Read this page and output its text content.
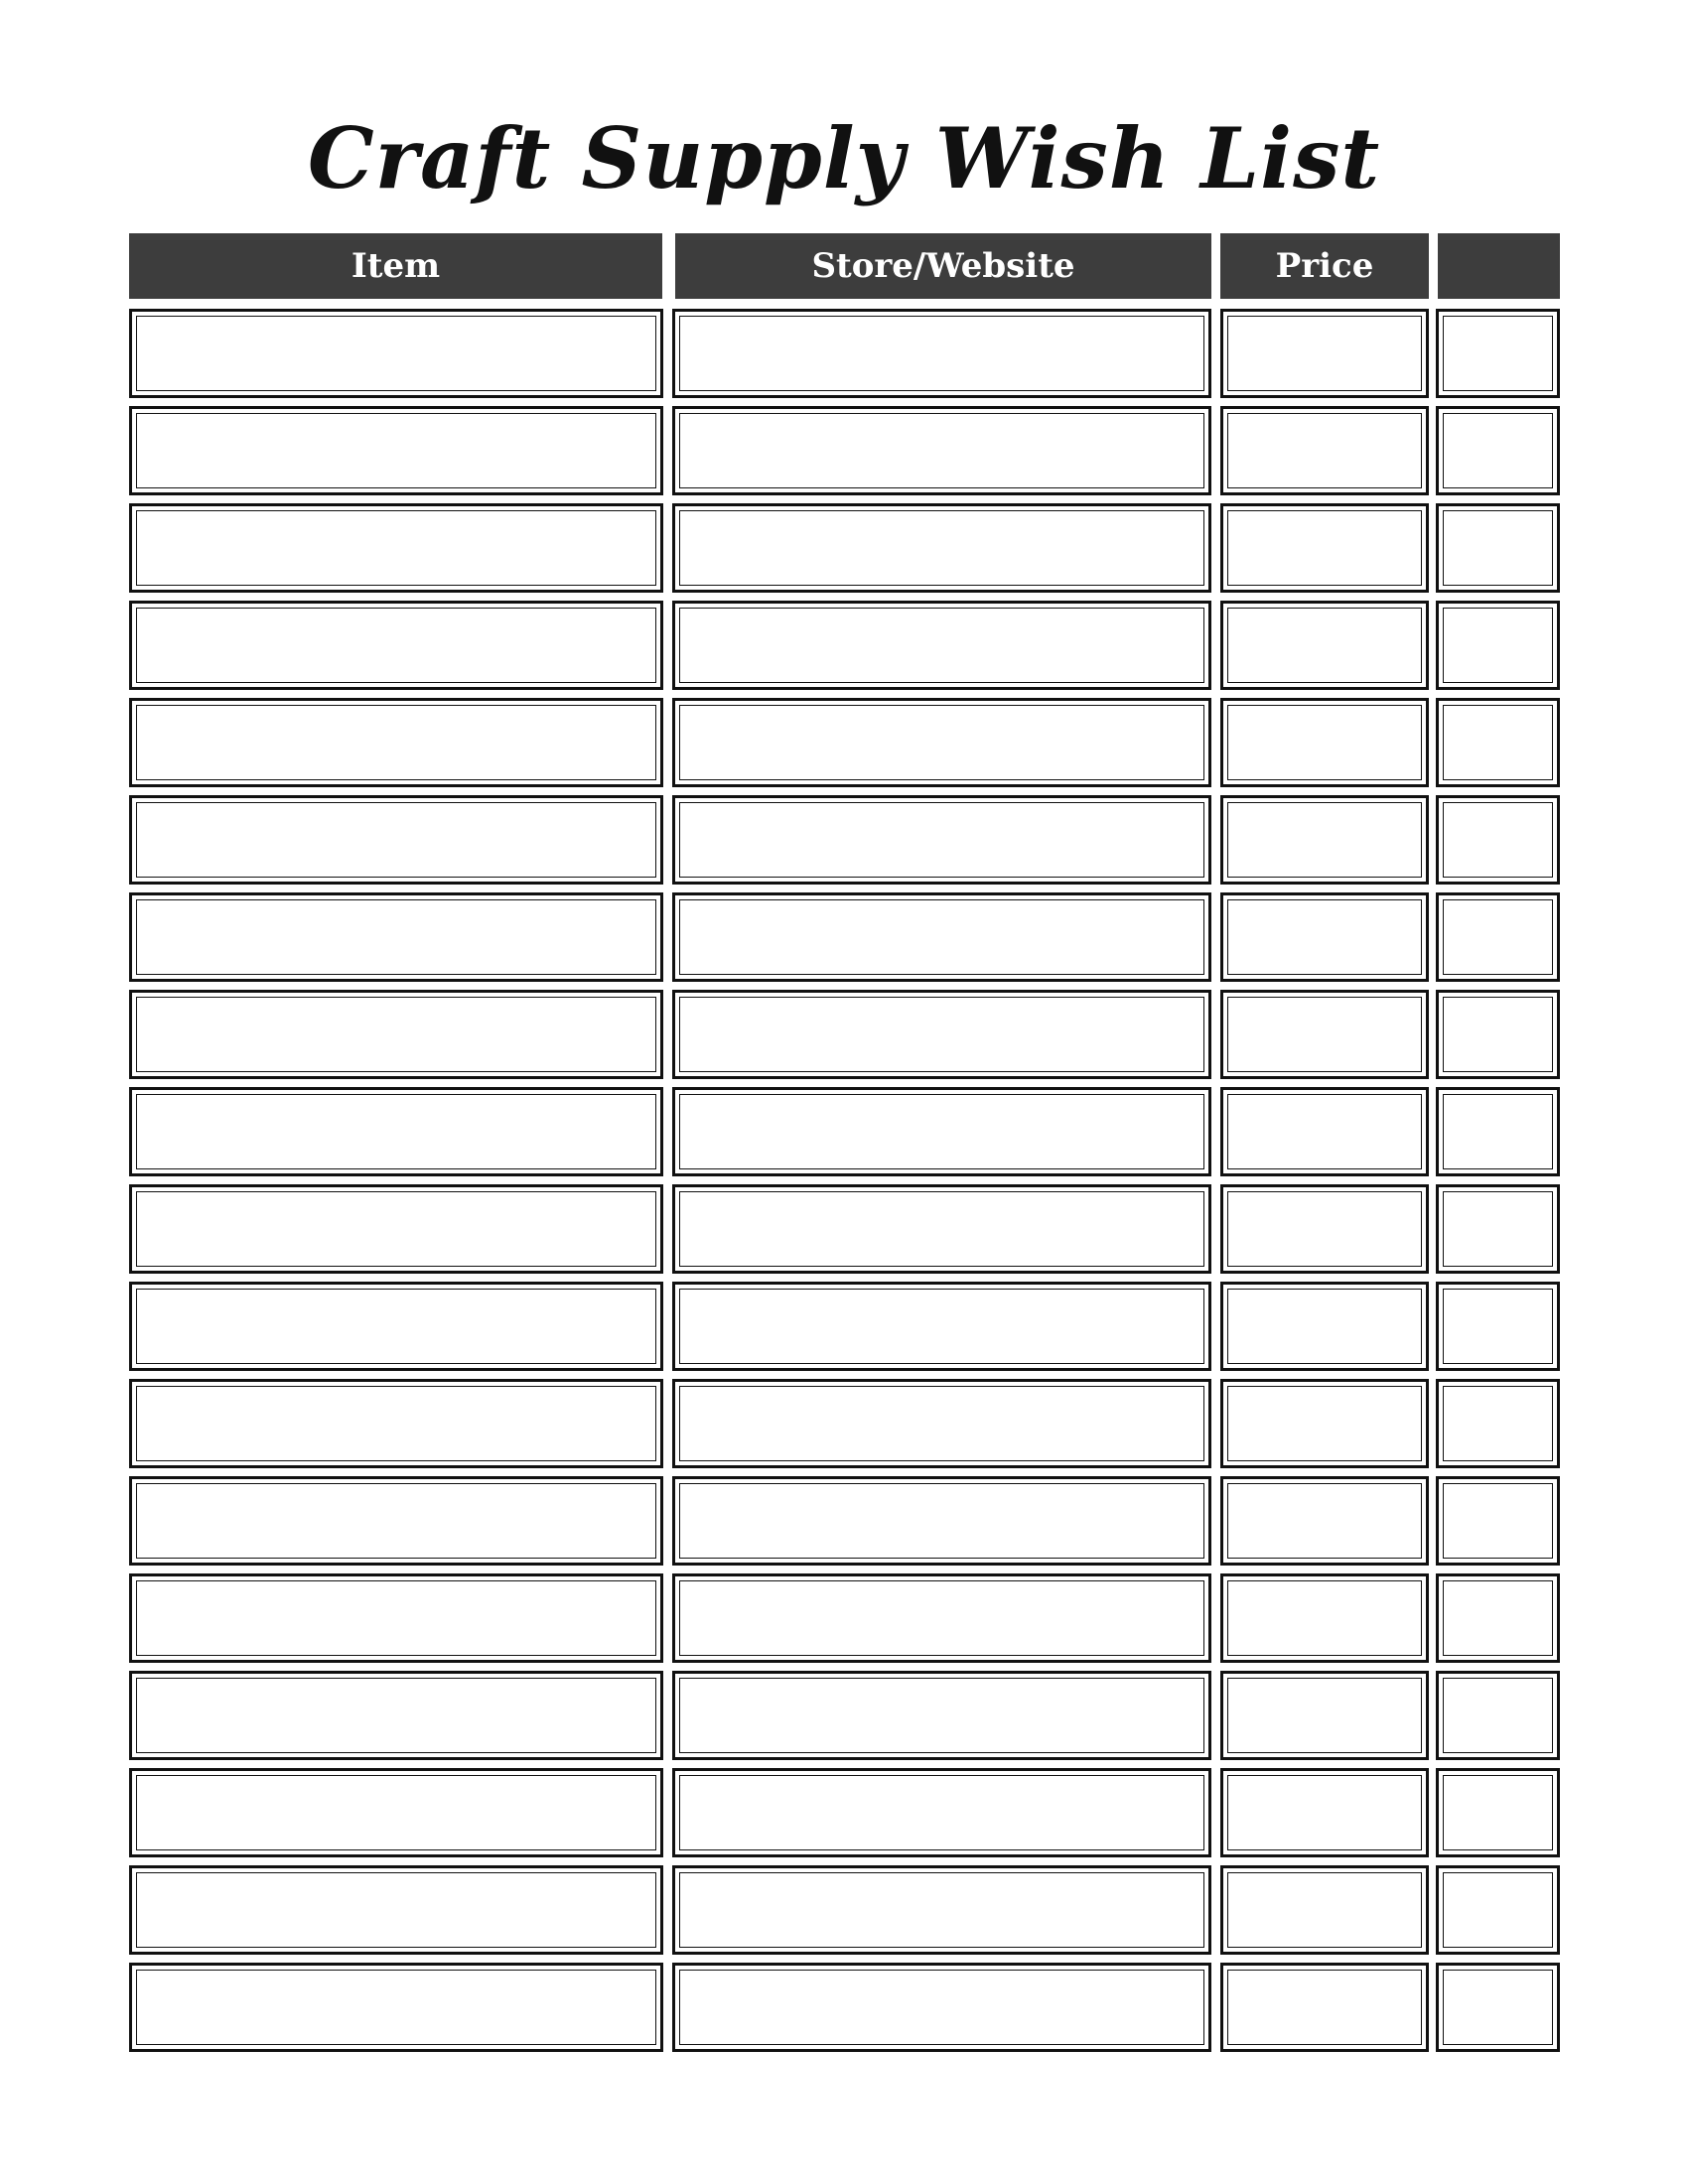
Craft Supply Wish List
Item	Store/Website	Price
